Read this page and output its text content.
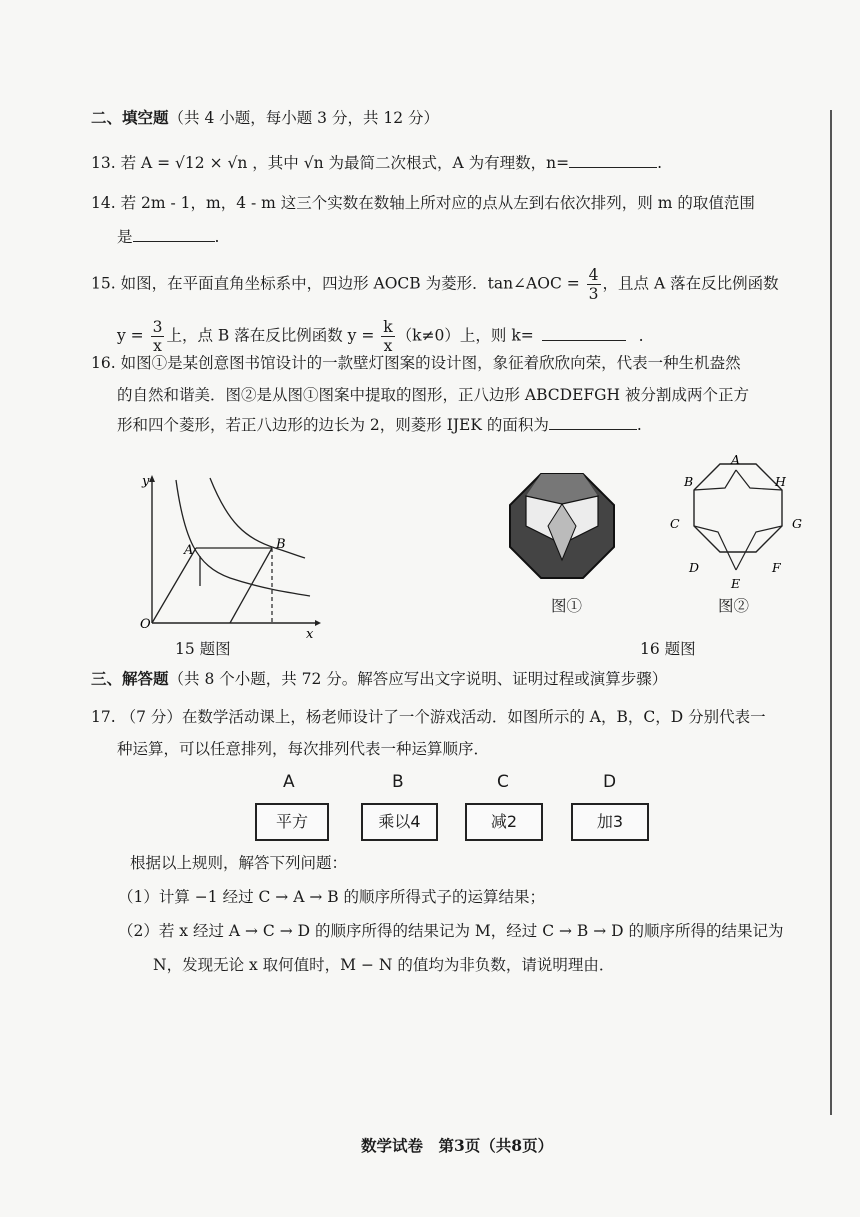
二、填空题（共 4 小题，每小题 3 分，共 12 分）
13. 若 A = √12 × √n ，其中 √n 为最简二次根式，A 为有理数，n=	.
14. 若 2m - 1，m，4 - m 这三个实数在数轴上所对应的点从左到右依次排列，则 m 的取值范围
是	.
15. 如图，在平面直角坐标系中，四边形 AOCB 为菱形．tan∠AOC = $\frac{4}{3}$ ，且点 A 落在反比例函数
$y = \frac{3}{x}$ 上，点 B 落在反比例函数 $y = \frac{k}{x} (k\ne 0)$上，则 k=	.
16. 如图①是某创意图书馆设计的一款壁灯图案的设计图，象征着欣欣向荣，代表一种生机盎然
的自然和谐美．图②是从图①图案中提取的图形，正八边形 ABCDEFGH 被分割成两个正方
形和四个菱形，若正八边形的边长为 2，则菱形 IJEK 的面积为	.
y
x
O
A	B
15 题图
图①
A
H
G
F
E
D
C
B
图②
16 题图
三、解答题（共 8 个小题，共 72 分。解答应写出文字说明、证明过程或演算步骤）
17. （7 分）在数学活动课上，杨老师设计了一个游戏活动．如图所示的 A，B，C，D 分别代表一
种运算，可以任意排列，每次排列代表一种运算顺序．
A	B	C	D
平方	乘以4	减2	加3
根据以上规则，解答下列问题：
（1）计算 −1 经过 C → A → B 的顺序所得式子的运算结果；
（2）若 x 经过 A → C → D 的顺序所得的结果记为 M，经过 C → B → D 的顺序所得的结果记为
N，发现无论 x 取何值时，M − N 的值均为非负数，请说明理由．
数学试卷　第3页（共8页）
